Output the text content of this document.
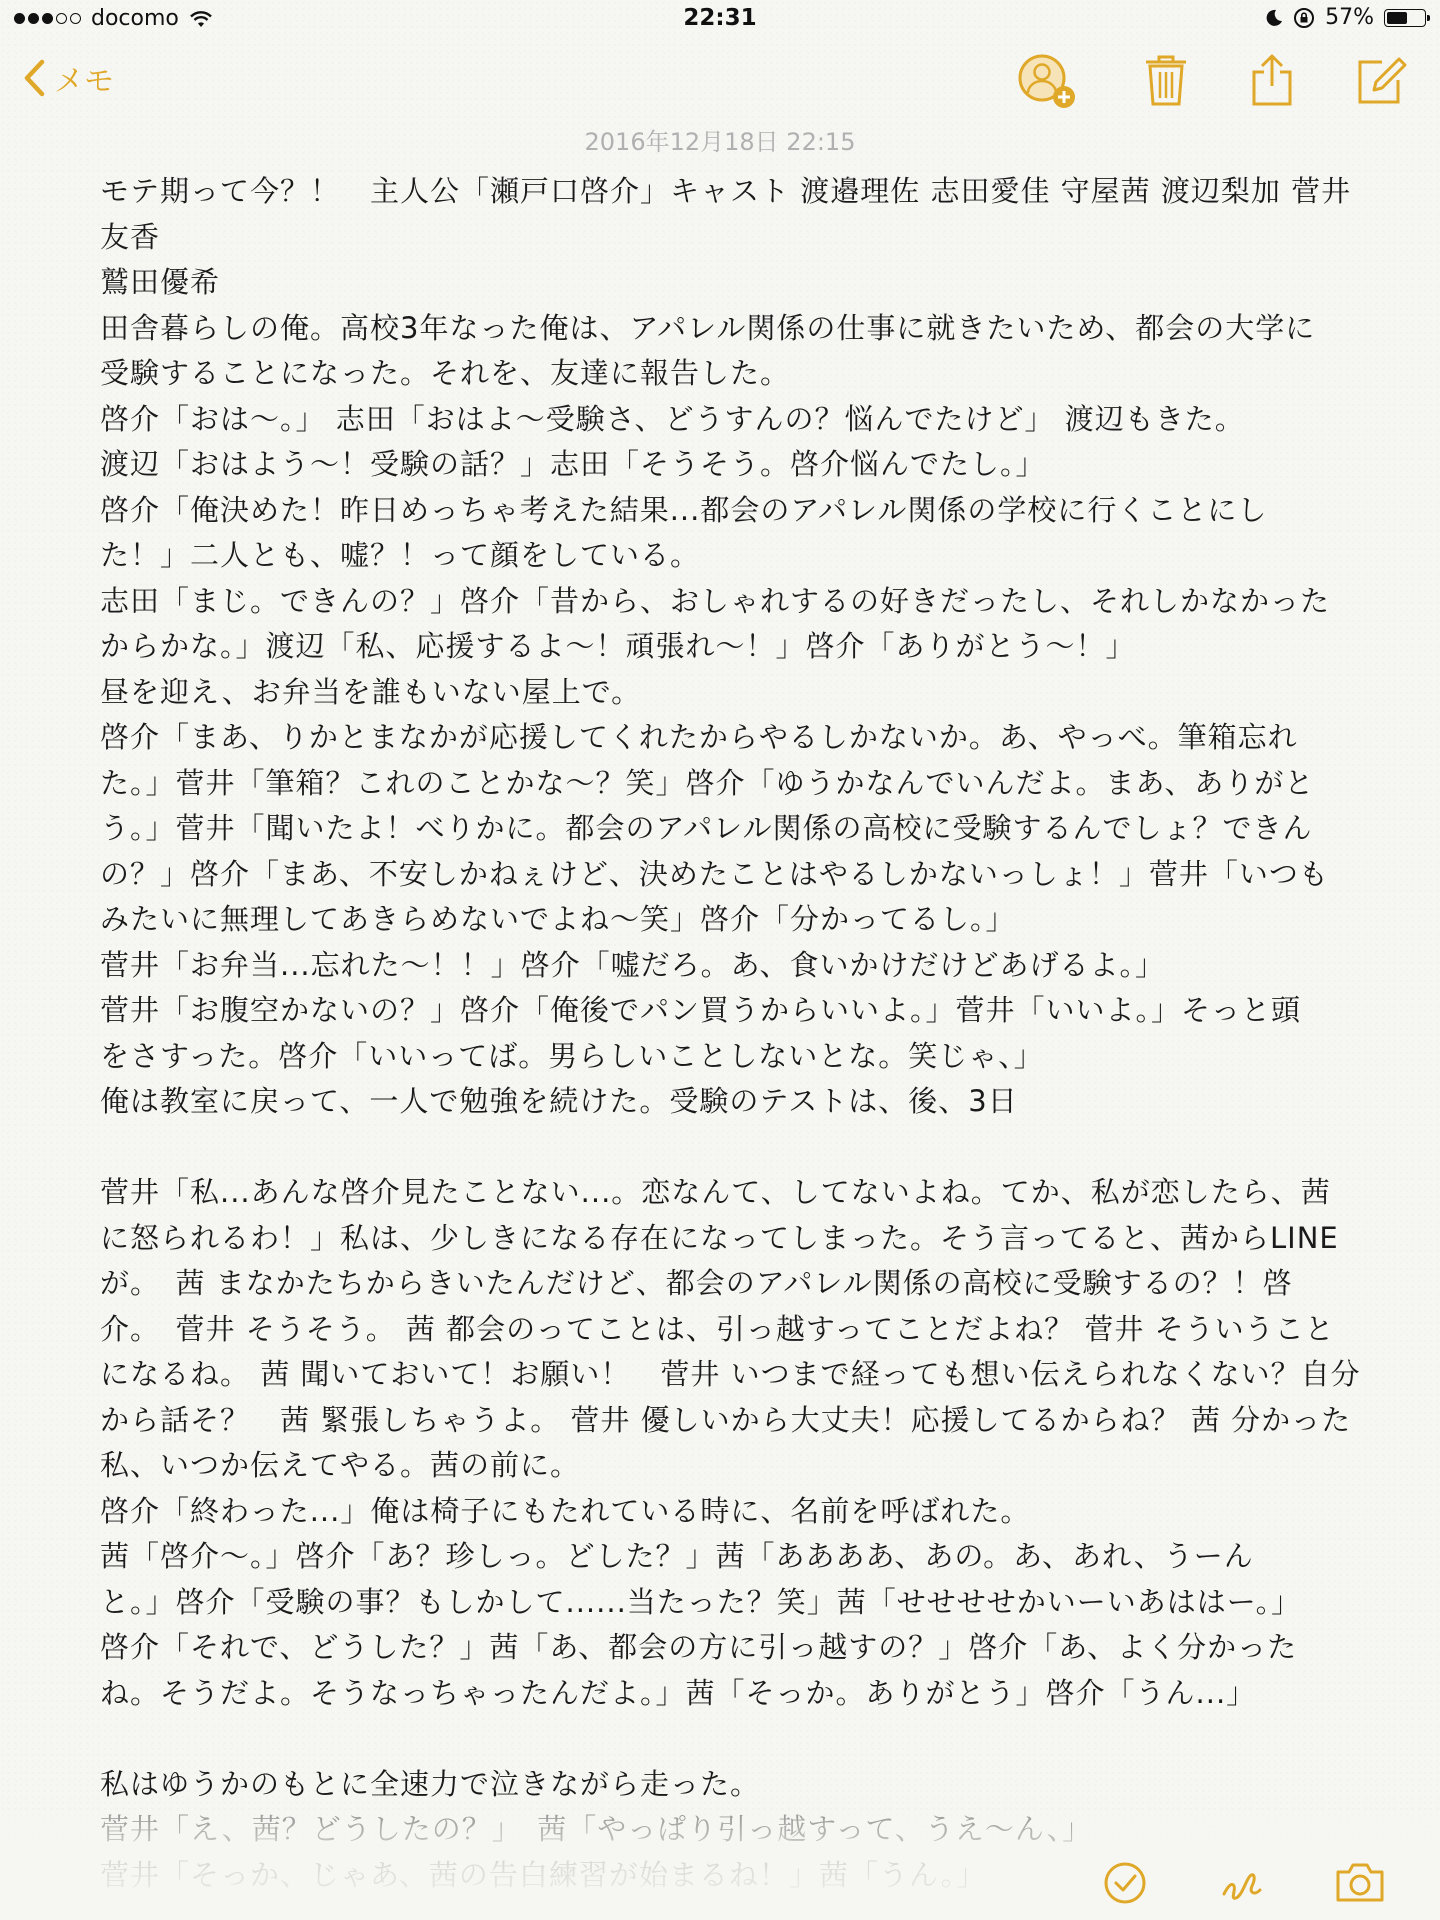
docomo	22:31	57%
メモ
2016年12月18日 22:15
モテ期って今？！　主人公「瀬戸口啓介」キャスト 渡邉理佐 志田愛佳 守屋茜 渡辺梨加 菅井
友香
鷲田優希
田舎暮らしの俺。高校3年なった俺は、アパレル関係の仕事に就きたいため、都会の大学に
受験することになった。それを、友達に報告した。
啓介「おは〜。」 志田「おはよ〜受験さ、どうすんの？悩んでたけど」 渡辺もきた。
渡辺「おはよう〜！受験の話？」志田「そうそう。啓介悩んでたし。」
啓介「俺決めた！昨日めっちゃ考えた結果...都会のアパレル関係の学校に行くことにし
た！」二人とも、嘘？！って顔をしている。
志田「まじ。できんの？」啓介「昔から、おしゃれするの好きだったし、それしかなかった
からかな。」渡辺「私、応援するよ〜！頑張れ〜！」啓介「ありがとう〜！」
昼を迎え、お弁当を誰もいない屋上で。
啓介「まあ、りかとまなかが応援してくれたからやるしかないか。あ、やっべ。筆箱忘れ
た。」菅井「筆箱？これのことかな〜？笑」啓介「ゆうかなんでいんだよ。まあ、ありがと
う。」菅井「聞いたよ！べりかに。都会のアパレル関係の高校に受験するんでしょ？できん
の？」啓介「まあ、不安しかねぇけど、決めたことはやるしかないっしょ！」菅井「いつも
みたいに無理してあきらめないでよね〜笑」啓介「分かってるし。」
菅井「お弁当...忘れた〜！！」啓介「嘘だろ。あ、食いかけだけどあげるよ。」
菅井「お腹空かないの？」啓介「俺後でパン買うからいいよ。」菅井「いいよ。」そっと頭
をさすった。啓介「いいってば。男らしいことしないとな。笑じゃ、」
俺は教室に戻って、一人で勉強を続けた。受験のテストは、後、3日
菅井「私...あんな啓介見たことない...。恋なんて、してないよね。てか、私が恋したら、茜
に怒られるわ！」私は、少しきになる存在になってしまった。そう言ってると、茜からLINE
が。　茜 まなかたちからきいたんだけど、都会のアパレル関係の高校に受験するの？！啓
介。　菅井 そうそう。 茜 都会のってことは、引っ越すってことだよね？ 菅井 そういうこと
になるね。 茜 聞いておいて！お願い！　菅井 いつまで経っても想い伝えられなくない？自分
から話そ？　茜 緊張しちゃうよ。 菅井 優しいから大丈夫！応援してるからね？ 茜 分かった
私、いつか伝えてやる。茜の前に。
啓介「終わった...」俺は椅子にもたれている時に、名前を呼ばれた。
茜「啓介〜。」啓介「あ？珍しっ。どした？」茜「ああああ、あの。あ、あれ、うーん
と。」啓介「受験の事？もしかして......当たった？笑」茜「せせせせかいーいあははー。」
啓介「それで、どうした？」茜「あ、都会の方に引っ越すの？」啓介「あ、よく分かった
ね。そうだよ。そうなっちゃったんだよ。」茜「そっか。ありがとう」啓介「うん...」
私はゆうかのもとに全速力で泣きながら走った。
